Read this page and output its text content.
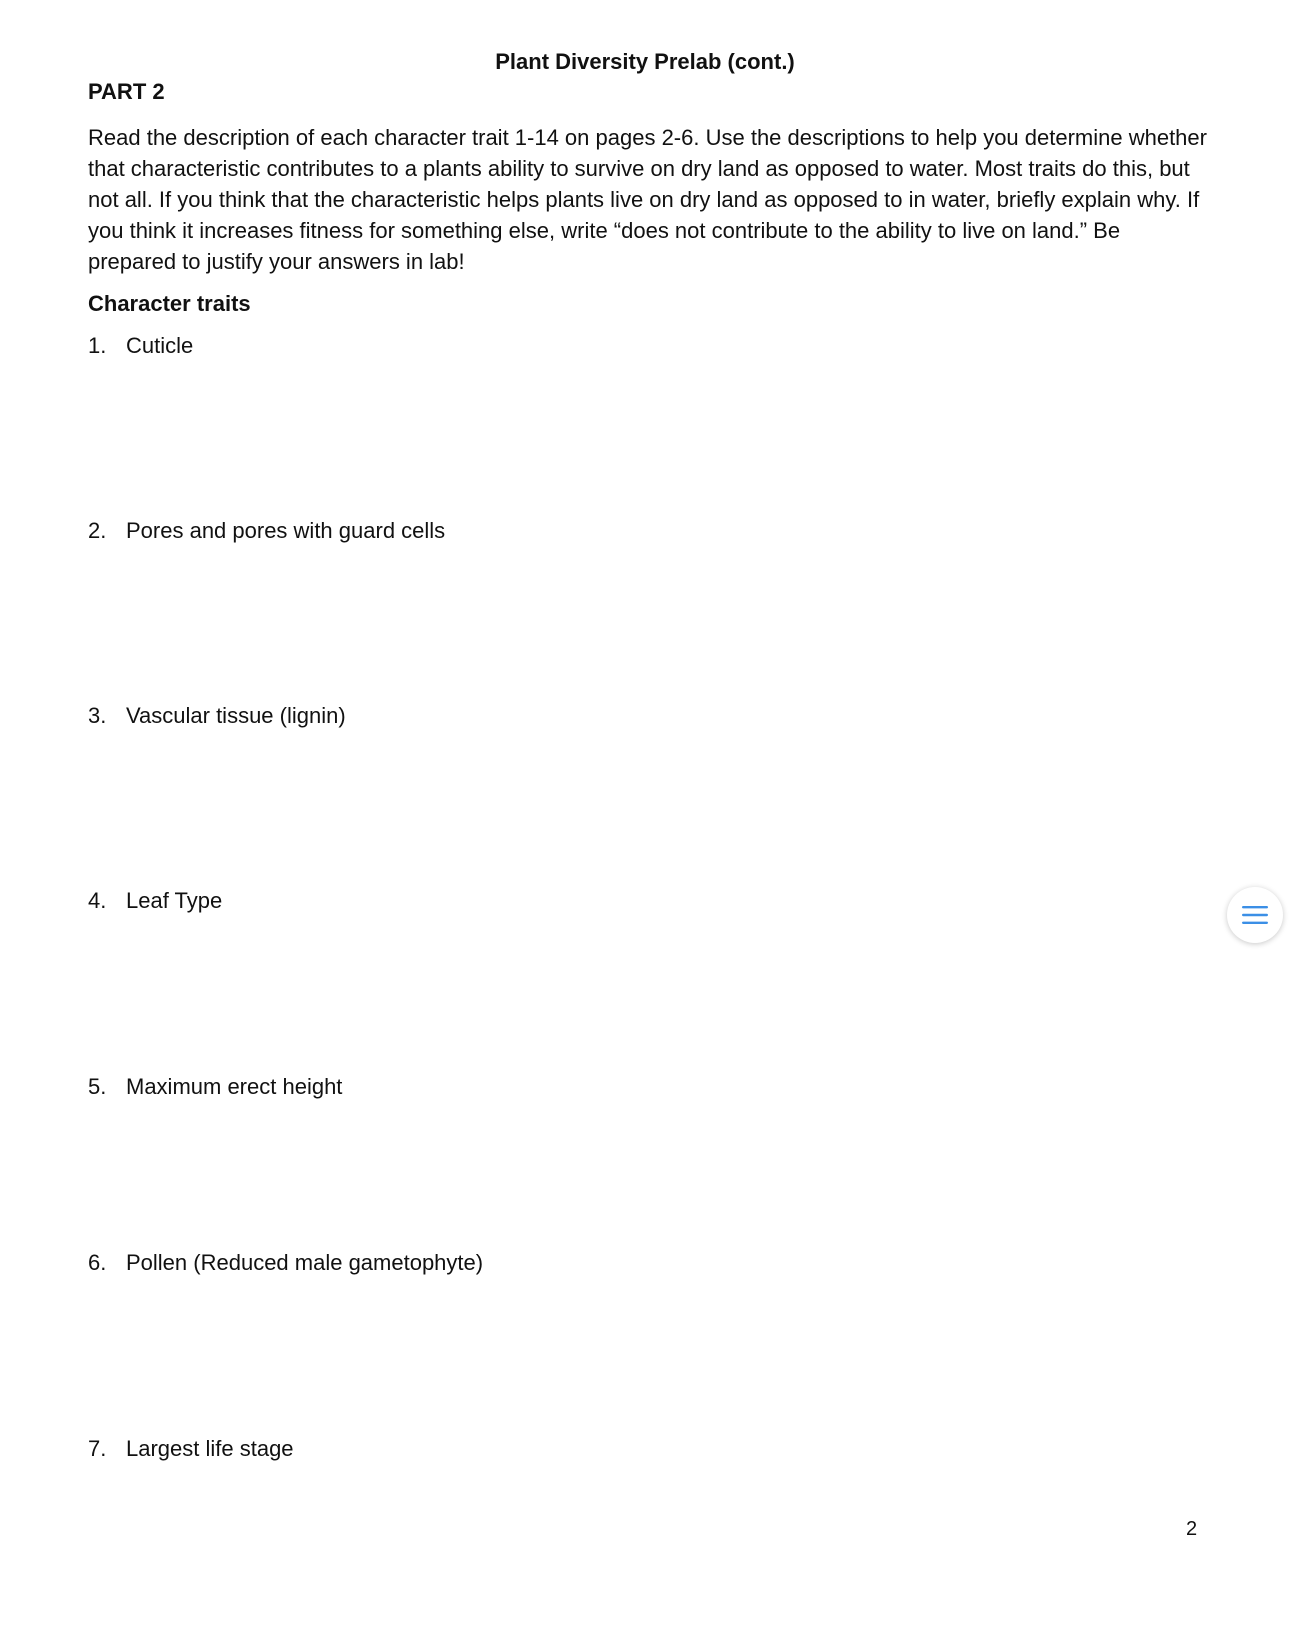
Plant Diversity Prelab (cont.)
PART 2

Read the description of each character trait 1-14 on pages 2-6. Use the descriptions to help you determine whether that characteristic contributes to a plants ability to survive on dry land as opposed to water. Most traits do this, but not all. If you think that the characteristic helps plants live on dry land as opposed to in water, briefly explain why. If you think it increases fitness for something else, write “does not contribute to the ability to live on land.” Be prepared to justify your answers in lab!

Character traits
1. Cuticle
2. Pores and pores with guard cells
3. Vascular tissue (lignin)
4. Leaf Type
5. Maximum erect height
6. Pollen (Reduced male gametophyte)
7. Largest life stage
2
